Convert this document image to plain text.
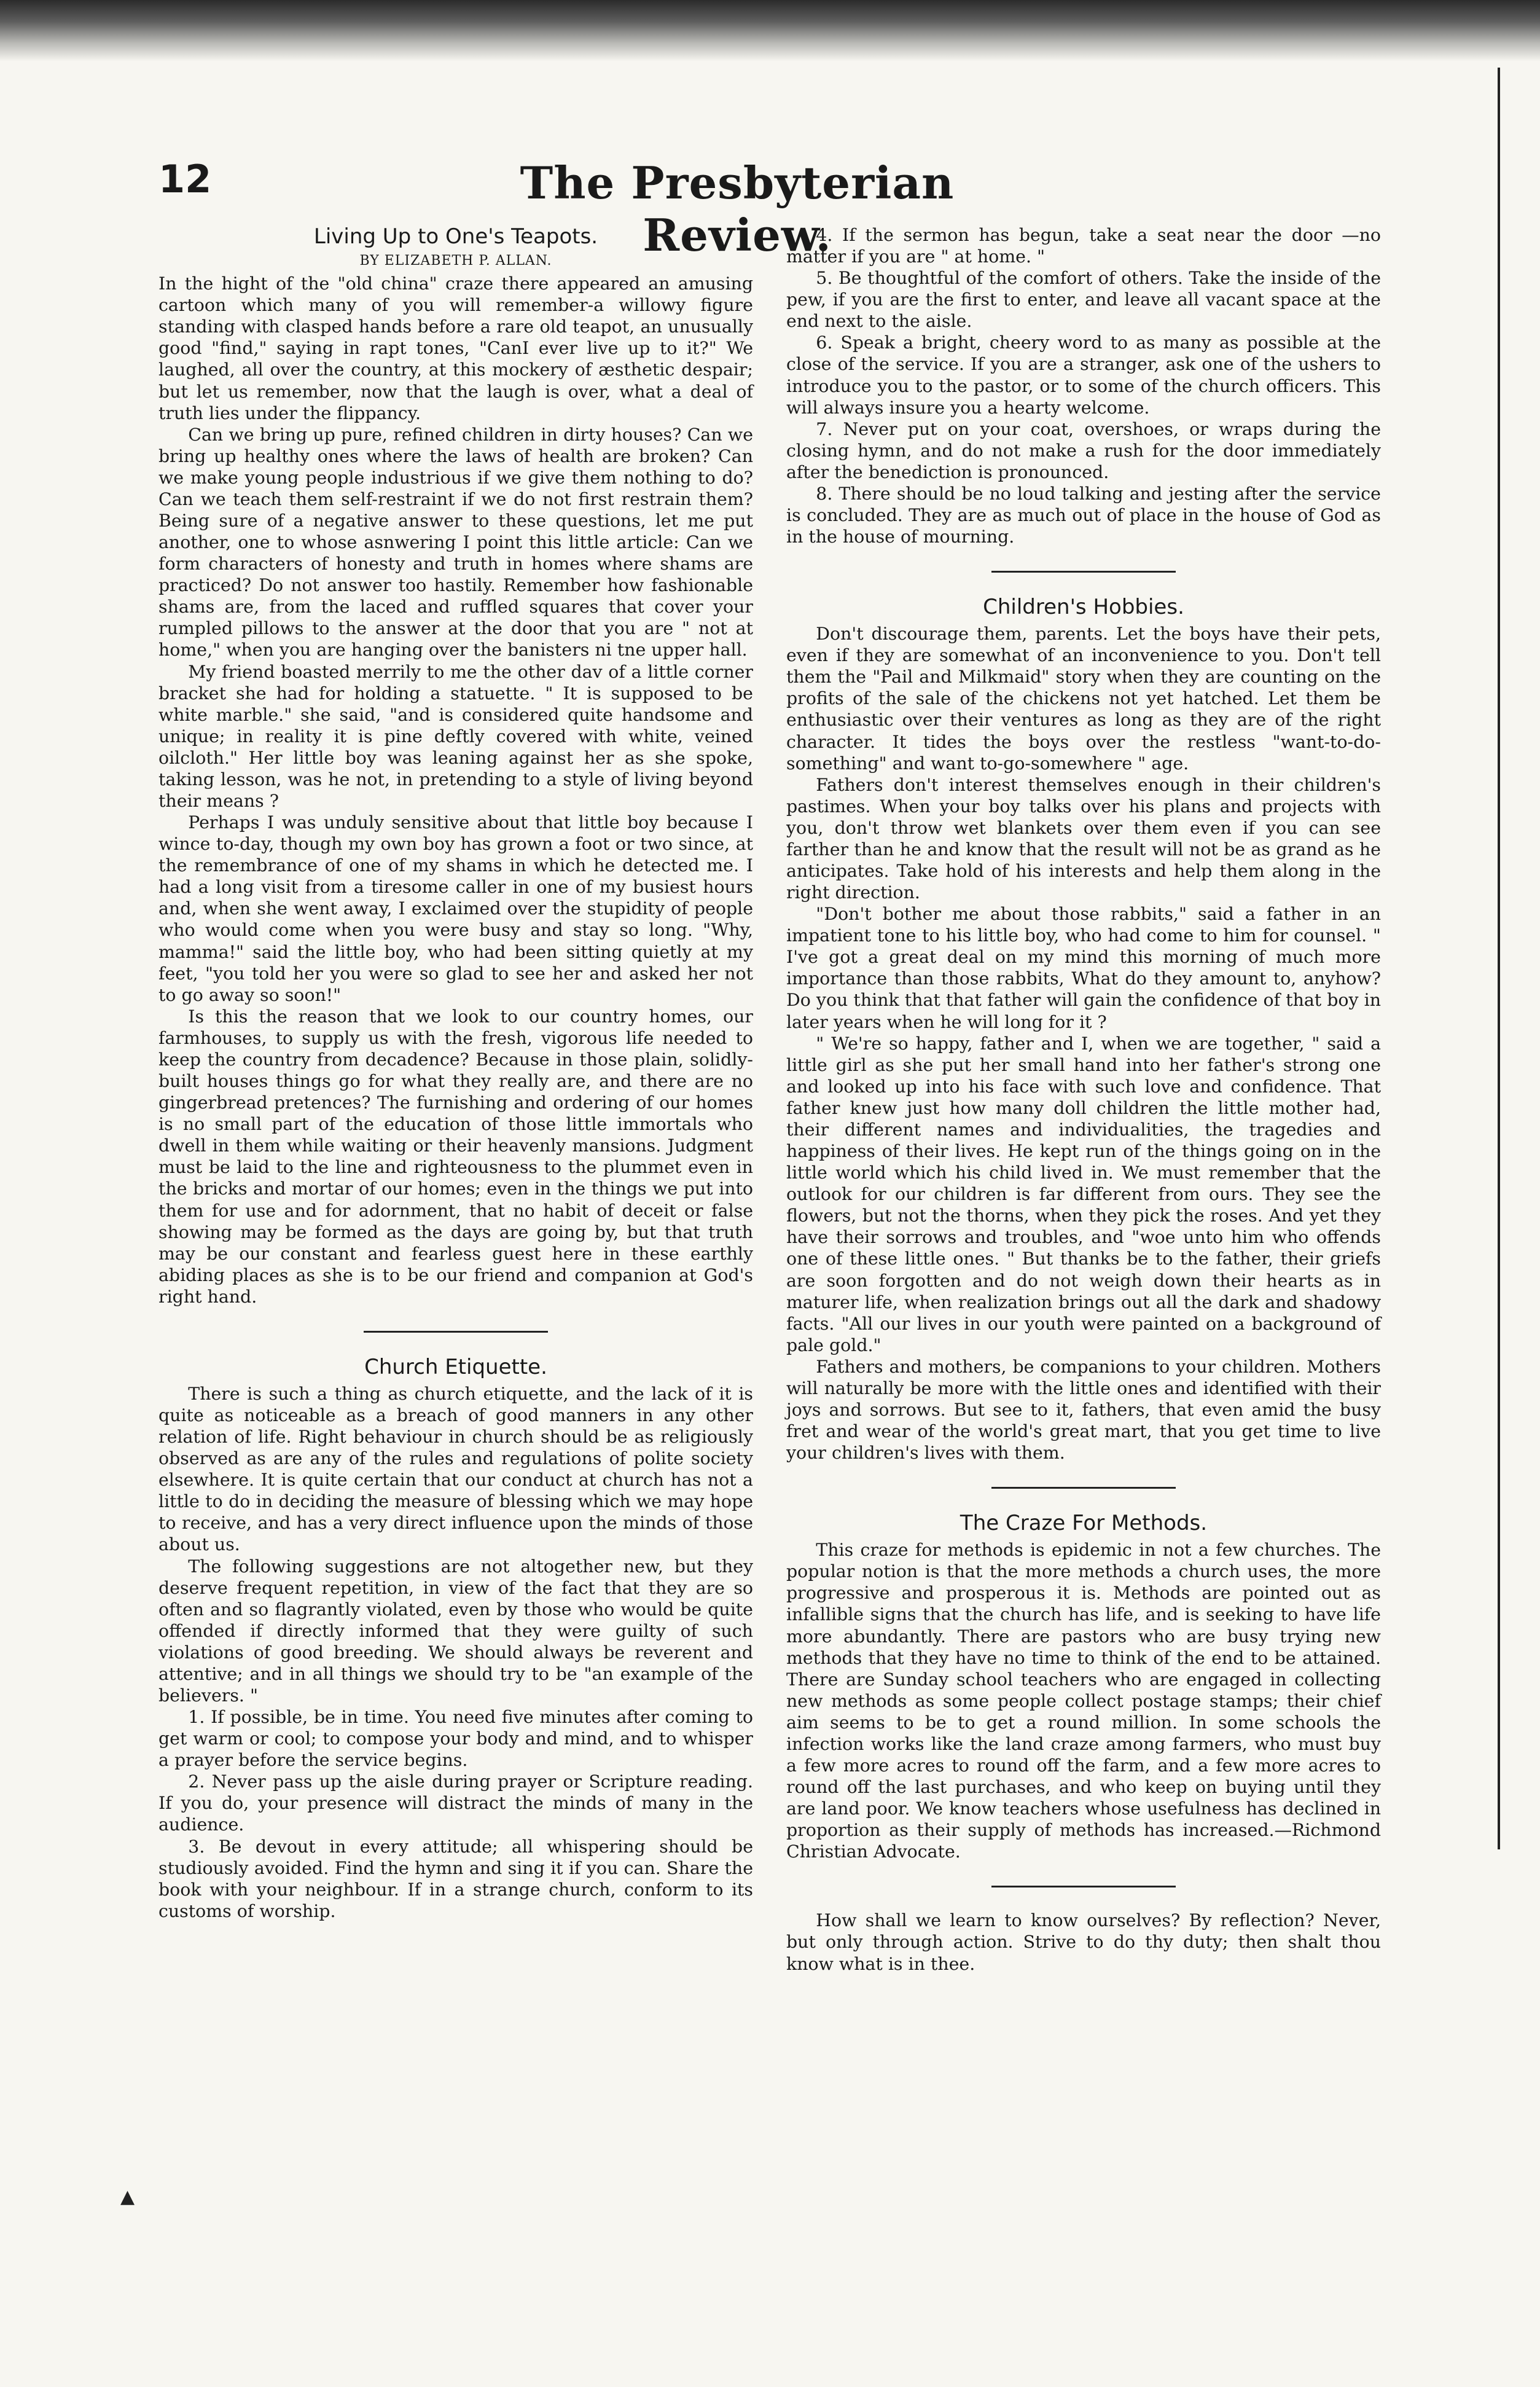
12	The Presbyterian Review.
Living Up to One's Teapots.
BY ELIZABETH P. ALLAN.

In the hight of the "old china" craze there appeared an amusing cartoon which many of you will remember-a willowy figure standing with clasped hands before a rare old teapot, an unusually good "find," saying in rapt tones, "CanI ever live up to it?" We laughed, all over the country, at this mockery of æsthetic despair; but let us remember, now that the laugh is over, what a deal of truth lies under the flippancy.

Can we bring up pure, refined children in dirty houses? Can we bring up healthy ones where the laws of health are broken? Can we make young people industrious if we give them nothing to do? Can we teach them self-restraint if we do not first restrain them? Being sure of a negative answer to these questions, let me put another, one to whose asnwering I point this little article: Can we form characters of honesty and truth in homes where shams are practiced? Do not answer too hastily. Remember how fashionable shams are, from the laced and ruffled squares that cover your rumpled pillows to the answer at the door that you are " not at home," when you are hanging over the banisters ni tne upper hall.

My friend boasted merrily to me the other dav of a little corner bracket she had for holding a statuette. " It is supposed to be white marble." she said, "and is considered quite handsome and unique; in reality it is pine deftly covered with white, veined oilcloth." Her little boy was leaning against her as she spoke, taking lesson, was he not, in pretending to a style of living beyond their means ?

Perhaps I was unduly sensitive about that little boy because I wince to-day, though my own boy has grown a foot or two since, at the remembrance of one of my shams in which he detected me. I had a long visit from a tiresome caller in one of my busiest hours and, when she went away, I exclaimed over the stupidity of people who would come when you were busy and stay so long. "Why, mamma!" said the little boy, who had been sitting quietly at my feet, "you told her you were so glad to see her and asked her not to go away so soon!"

Is this the reason that we look to our country homes, our farmhouses, to supply us with the fresh, vigorous life needed to keep the country from decadence? Because in those plain, solidly-built houses things go for what they really are, and there are no gingerbread pretences? The furnishing and ordering of our homes is no small part of the education of those little immortals who dwell in them while waiting or their heavenly mansions. Judgment must be laid to the line and righteousness to the plummet even in the bricks and mortar of our homes; even in the things we put into them for use and for adornment, that no habit of deceit or false showing may be formed as the days are going by, but that truth may be our constant and fearless guest here in these earthly abiding places as she is to be our friend and companion at God's right hand.

Church Etiquette.

There is such a thing as church etiquette, and the lack of it is quite as noticeable as a breach of good manners in any other relation of life. Right behaviour in church should be as religiously observed as are any of the rules and regulations of polite society elsewhere. It is quite certain that our conduct at church has not a little to do in deciding the measure of blessing which we may hope to receive, and has a very direct influence upon the minds of those about us.

The following suggestions are not altogether new, but they deserve frequent repetition, in view of the fact that they are so often and so flagrantly violated, even by those who would be quite offended if directly informed that they were guilty of such violations of good breeding. We should always be reverent and attentive; and in all things we should try to be "an example of the believers. "

1. If possible, be in time. You need five minutes after coming to get warm or cool; to compose your body and mind, and to whisper a prayer before the service begins.

2. Never pass up the aisle during prayer or Scripture reading. If you do, your presence will distract the minds of many in the audience.

3. Be devout in every attitude; all whispering should be studiously avoided. Find the hymn and sing it if you can. Share the book with your neighbour. If in a strange church, conform to its customs of worship.

4. If the sermon has begun, take a seat near the door —no matter if you are " at home. "

5. Be thoughtful of the comfort of others. Take the inside of the pew, if you are the first to enter, and leave all vacant space at the end next to the aisle.

6. Speak a bright, cheery word to as many as possible at the close of the service. If you are a stranger, ask one of the ushers to introduce you to the pastor, or to some of the church officers. This will always insure you a hearty welcome.

7. Never put on your coat, overshoes, or wraps during the closing hymn, and do not make a rush for the door immediately after the benediction is pronounced.

8. There should be no loud talking and jesting after the service is concluded. They are as much out of place in the house of God as in the house of mourning.

Children's Hobbies.

Don't discourage them, parents. Let the boys have their pets, even if they are somewhat of an inconvenience to you. Don't tell them the "Pail and Milkmaid" story when they are counting on the profits of the sale of the chickens not yet hatched. Let them be enthusiastic over their ventures as long as they are of the right character. It tides the boys over the restless "want-to-do-something" and want to-go-somewhere " age.

Fathers don't interest themselves enough in their children's pastimes. When your boy talks over his plans and projects with you, don't throw wet blankets over them even if you can see farther than he and know that the result will not be as grand as he anticipates. Take hold of his interests and help them along in the right direction.

"Don't bother me about those rabbits," said a father in an impatient tone to his little boy, who had come to him for counsel. " I've got a great deal on my mind this morning of much more importance than those rabbits, What do they amount to, anyhow? Do you think that that father will gain the confidence of that boy in later years when he will long for it ?

" We're so happy, father and I, when we are together, " said a little girl as she put her small hand into her father's strong one and looked up into his face with such love and confidence. That father knew just how many doll children the little mother had, their different names and individualities, the tragedies and happiness of their lives. He kept run of the things going on in the little world which his child lived in. We must remember that the outlook for our children is far different from ours. They see the flowers, but not the thorns, when they pick the roses. And yet they have their sorrows and troubles, and "woe unto him who offends one of these little ones. " But thanks be to the father, their griefs are soon forgotten and do not weigh down their hearts as in maturer life, when realization brings out all the dark and shadowy facts. "All our lives in our youth were painted on a background of pale gold."

Fathers and mothers, be companions to your children. Mothers will naturally be more with the little ones and identified with their joys and sorrows. But see to it, fathers, that even amid the busy fret and wear of the world's great mart, that you get time to live your children's lives with them.

The Craze For Methods.

This craze for methods is epidemic in not a few churches. The popular notion is that the more methods a church uses, the more progressive and prosperous it is. Methods are pointed out as infallible signs that the church has life, and is seeking to have life more abundantly. There are pastors who are busy trying new methods that they have no time to think of the end to be attained. There are Sunday school teachers who are engaged in collecting new methods as some people collect postage stamps; their chief aim seems to be to get a round million. In some schools the infection works like the land craze among farmers, who must buy a few more acres to round off the farm, and a few more acres to round off the last purchases, and who keep on buying until they are land poor. We know teachers whose usefulness has declined in proportion as their supply of methods has increased.—Richmond Christian Advocate.

How shall we learn to know ourselves? By reflection? Never, but only through action. Strive to do thy duty; then shalt thou know what is in thee.

▲
